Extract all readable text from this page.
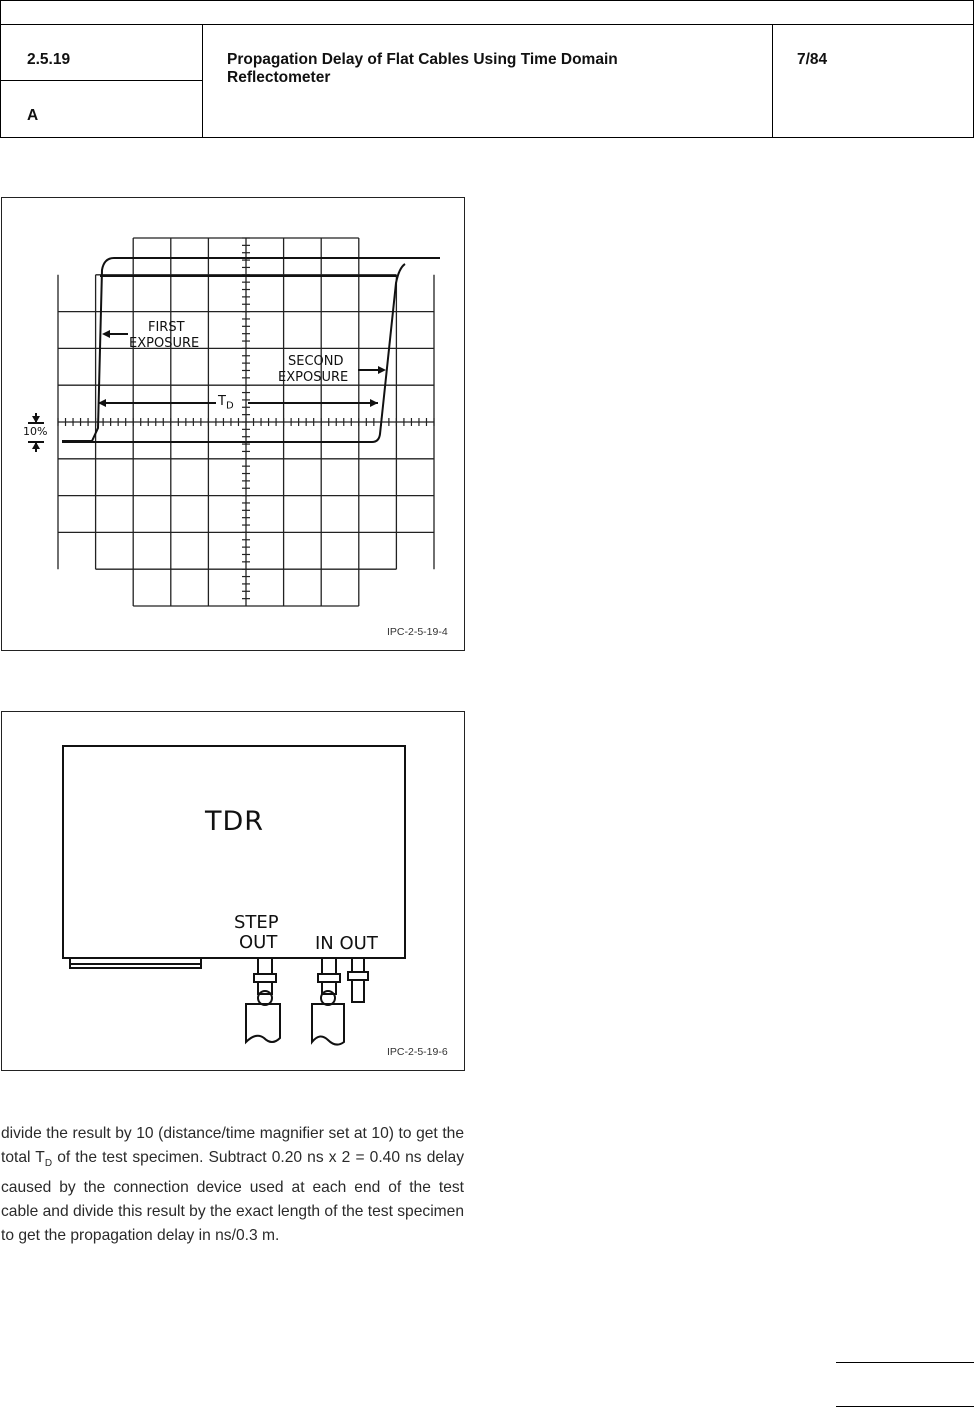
2.5.19
A
Propagation Delay of Flat Cables Using Time Domain
Reflectometer
7/84
FIRST
EXPOSURE
SECOND
EXPOSURE
$T_D$
10%
IPC-2-5-19-4
TDR
STEP
OUT IN OUT
IPC-2-5-19-6
divide the result by 10 (distance/time magnifier set at 10) to get the total $T_D$ of the test specimen. Subtract 0.20 ns x 2 = 0.40 ns delay caused by the connection device used at each end of the test cable and divide this result by the exact length of the test specimen to get the propagation delay in ns/0.3 m.
